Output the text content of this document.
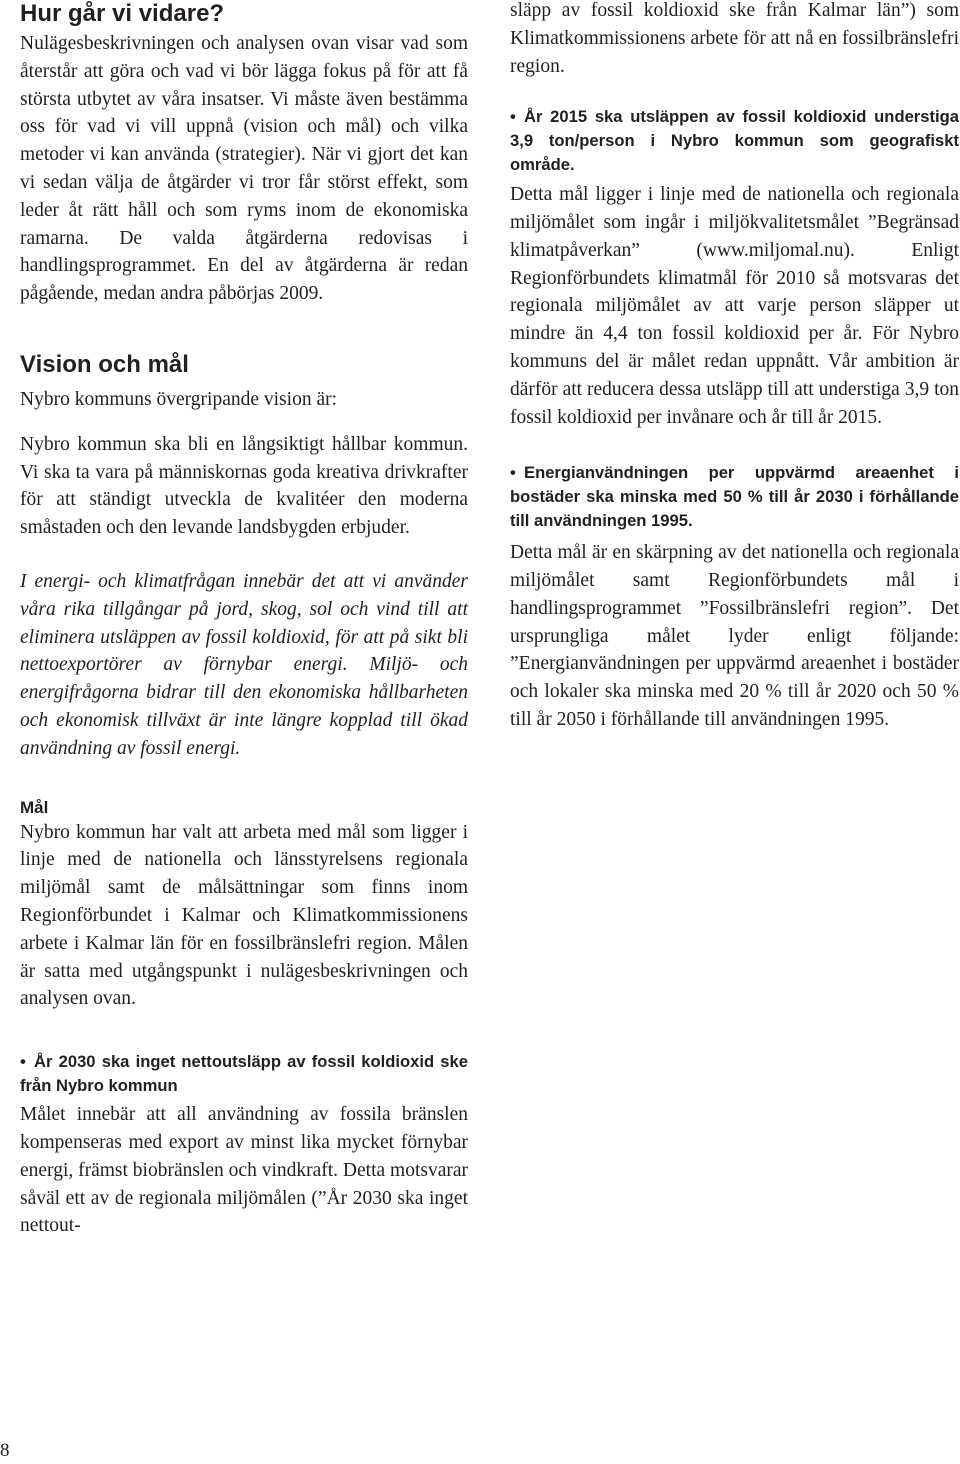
Hur går vi vidare?

Nulägesbeskrivningen och analysen ovan visar vad som återstår att göra och vad vi bör lägga fokus på för att få största utbytet av våra insatser. Vi måste även bestämma oss för vad vi vill uppnå (vision och mål) och vilka metoder vi kan använda (strategier). När vi gjort det kan vi sedan välja de åtgärder vi tror får störst effekt, som leder åt rätt håll och som ryms inom de ekonomiska ramarna. De valda åtgärderna redovisas i handlingsprogrammet. En del av åtgärderna är redan pågående, medan andra påbörjas 2009.

Vision och mål

Nybro kommuns övergripande vision är:

Nybro kommun ska bli en långsiktigt hållbar kommun. Vi ska ta vara på människornas goda kreativa drivkrafter för att ständigt utveckla de kvalitéer den moderna småstaden och den levande landsbygden erbjuder.

I energi- och klimatfrågan innebär det att vi använder våra rika tillgångar på jord, skog, sol och vind till att eliminera utsläppen av fossil koldioxid, för att på sikt bli nettoexportörer av förnybar energi. Miljö- och energifrågorna bidrar till den ekonomiska hållbarheten och ekonomisk tillväxt är inte längre kopplad till ökad användning av fossil energi.

Mål

Nybro kommun har valt att arbeta med mål som ligger i linje med de nationella och länsstyrelsens regionala miljömål samt de målsättningar som finns inom Regionförbundet i Kalmar och Klimatkommissionens arbete i Kalmar län för en fossilbränslefri region. Målen är satta med utgångspunkt i nulägesbeskrivningen och analysen ovan.

• År 2030 ska inget nettoutsläpp av fossil koldioxid ske från Nybro kommun

Målet innebär att all användning av fossila bränslen kompenseras med export av minst lika mycket förnybar energi, främst biobränslen och vindkraft. Detta motsvarar såväl ett av de regionala miljömålen (”År 2030 ska inget nettout-

släpp av fossil koldioxid ske från Kalmar län”) som Klimatkommissionens arbete för att nå en fossilbränslefri region.

• År 2015 ska utsläppen av fossil koldioxid understiga 3,9 ton/person i Nybro kommun som geografiskt område.

Detta mål ligger i linje med de nationella och regionala miljömålet som ingår i miljökvalitetsmålet ”Begränsad klimatpåverkan” (www.miljomal.nu). Enligt Regionförbundets klimatmål för 2010 så motsvaras det regionala miljömålet av att varje person släpper ut mindre än 4,4 ton fossil koldioxid per år. För Nybro kommuns del är målet redan uppnått. Vår ambition är därför att reducera dessa utsläpp till att understiga 3,9 ton fossil koldioxid per invånare och år till år 2015.

• Energianvändningen per uppvärmd areaenhet i bostäder ska minska med 50 % till år 2030 i förhållande till användningen 1995.

Detta mål är en skärpning av det nationella och regionala miljömålet samt Regionförbundets mål i handlingsprogrammet ”Fossilbränslefri region”. Det ursprungliga målet lyder enligt följande: ”Energianvändningen per uppvärmd areaenhet i bostäder och lokaler ska minska med 20 % till år 2020 och 50 % till år 2050 i förhållande till användningen 1995.

8
